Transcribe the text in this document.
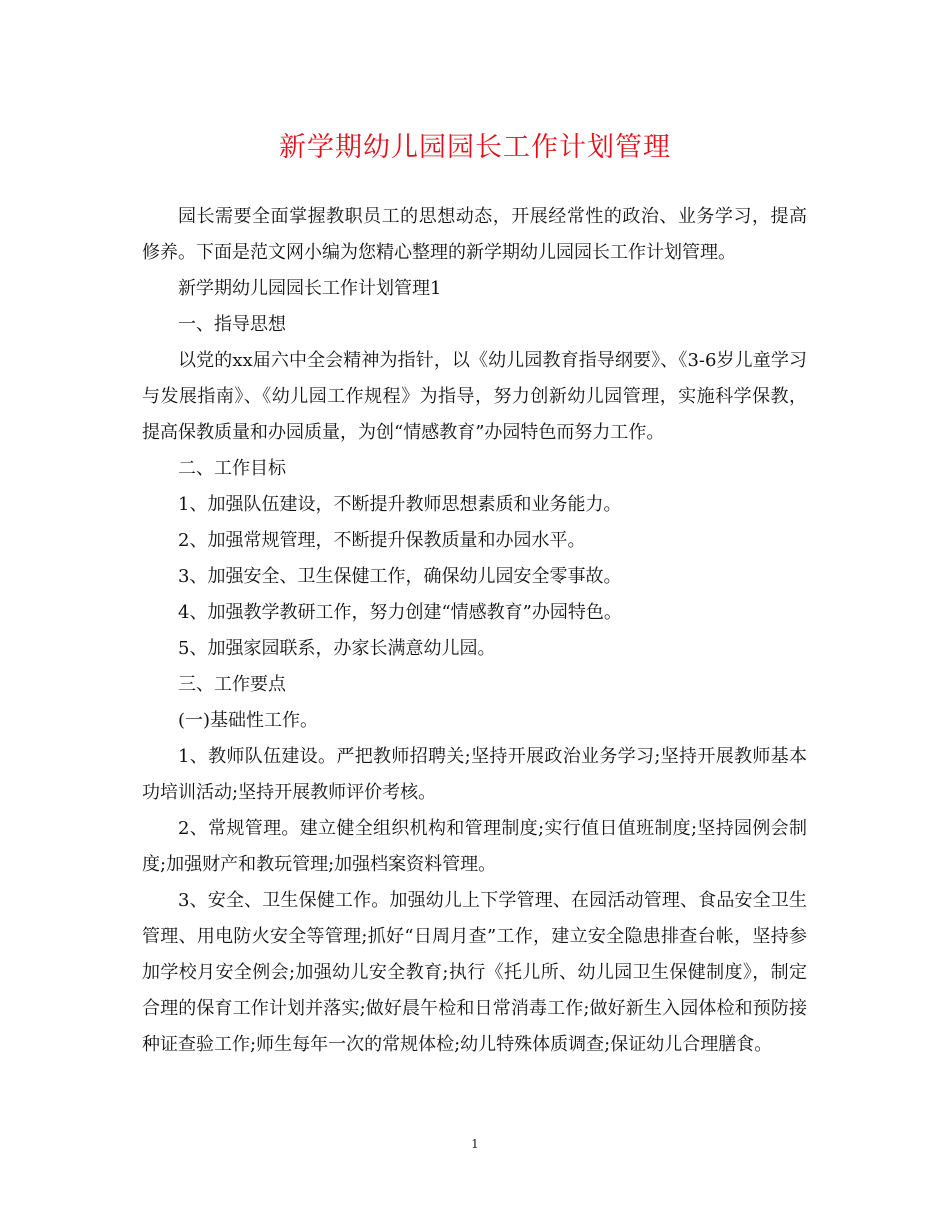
新学期幼儿园园长工作计划管理

园长需要全面掌握教职员工的思想动态，开展经常性的政治、业务学习，提高修养。下面是范文网小编为您精心整理的新学期幼儿园园长工作计划管理。

新学期幼儿园园长工作计划管理1

一、指导思想

以党的xx届六中全会精神为指针，以《幼儿园教育指导纲要》、《3-6岁儿童学习与发展指南》、《幼儿园工作规程》为指导，努力创新幼儿园管理，实施科学保教，提高保教质量和办园质量，为创“情感教育”办园特色而努力工作。

二、工作目标

1、加强队伍建设，不断提升教师思想素质和业务能力。

2、加强常规管理，不断提升保教质量和办园水平。

3、加强安全、卫生保健工作，确保幼儿园安全零事故。

4、加强教学教研工作，努力创建“情感教育”办园特色。

5、加强家园联系，办家长满意幼儿园。

三、工作要点

(一)基础性工作。

1、教师队伍建设。严把教师招聘关;坚持开展政治业务学习;坚持开展教师基本功培训活动;坚持开展教师评价考核。

2、常规管理。建立健全组织机构和管理制度;实行值日值班制度;坚持园例会制度;加强财产和教玩管理;加强档案资料管理。

3、安全、卫生保健工作。加强幼儿上下学管理、在园活动管理、食品安全卫生管理、用电防火安全等管理;抓好“日周月查”工作，建立安全隐患排查台帐，坚持参加学校月安全例会;加强幼儿安全教育;执行《托儿所、幼儿园卫生保健制度》，制定合理的保育工作计划并落实;做好晨午检和日常消毒工作;做好新生入园体检和预防接种证查验工作;师生每年一次的常规体检;幼儿特殊体质调查;保证幼儿合理膳食。

1
